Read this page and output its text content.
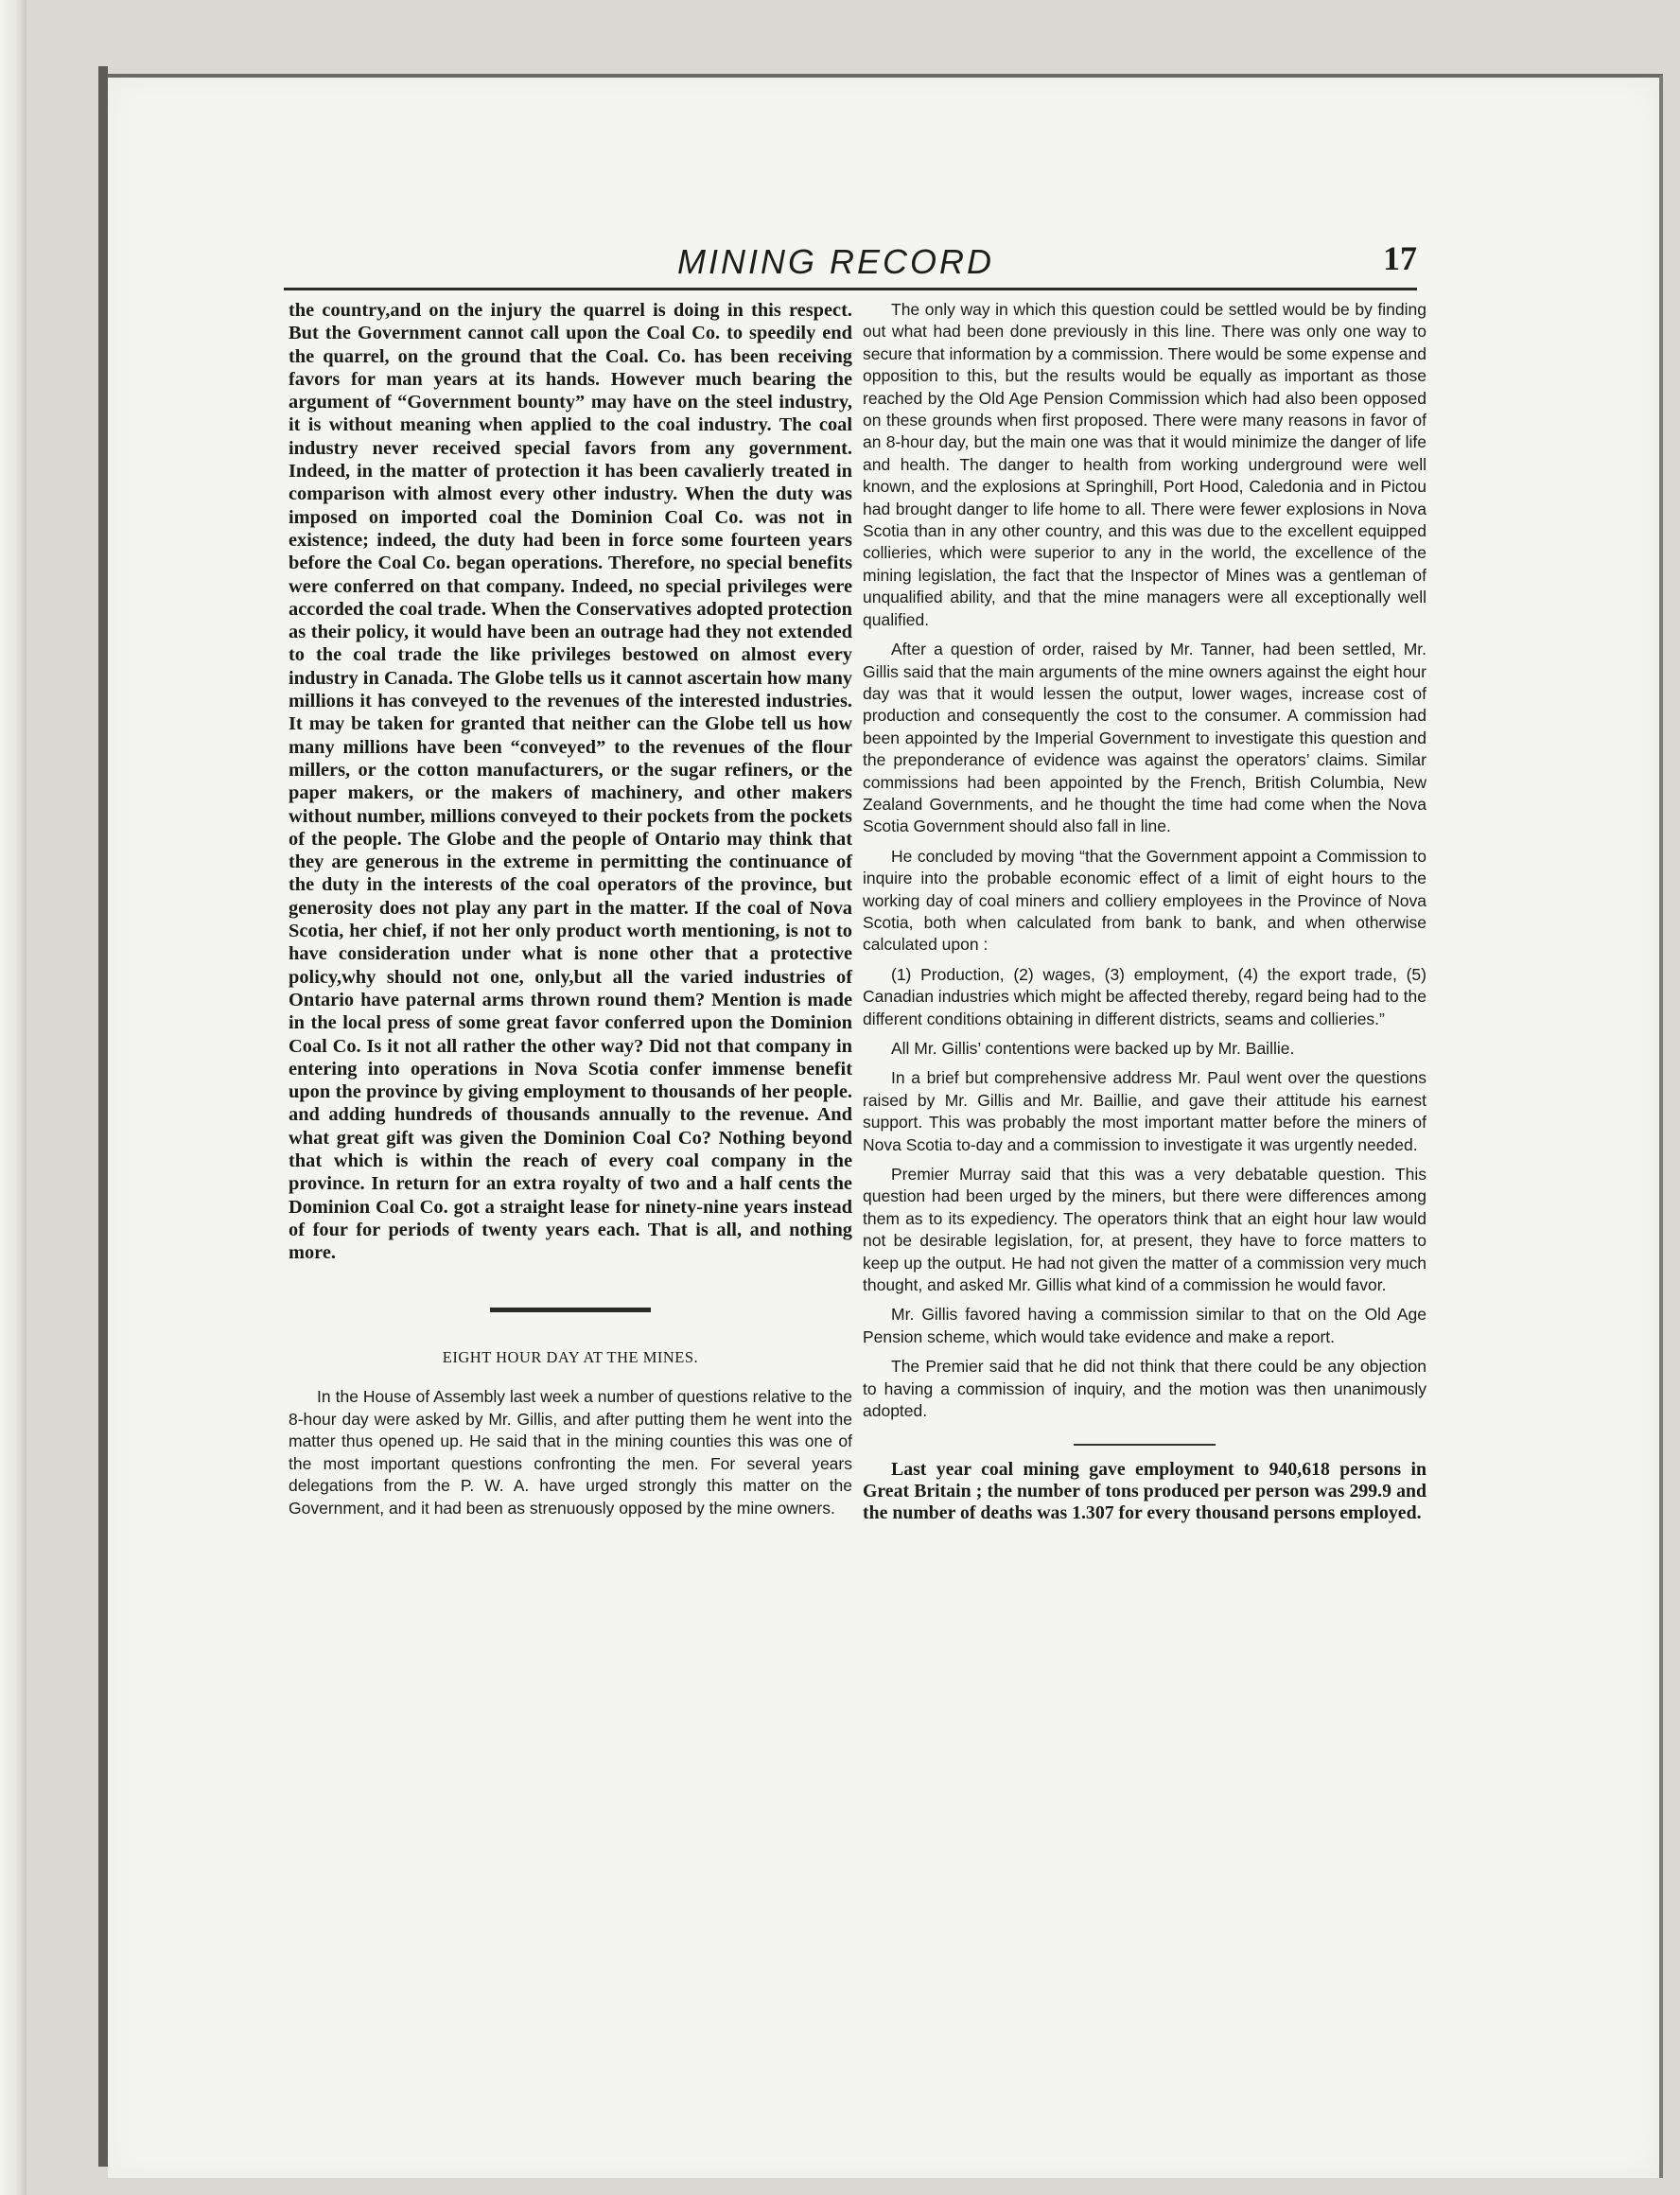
MINING RECORD	17

the country,and on the injury the quarrel is doing in this respect. But the Government cannot call upon the Coal Co. to speedily end the quarrel, on the ground that the Coal. Co. has been receiving favors for man years at its hands. However much bearing the argument of “Government bounty” may have on the steel industry, it is without meaning when applied to the coal industry. The coal industry never received special favors from any government. Indeed, in the matter of protection it has been cavalierly treated in comparison with almost every other industry. When the duty was imposed on imported coal the Dominion Coal Co. was not in existence; indeed, the duty had been in force some fourteen years before the Coal Co. began operations. Therefore, no special benefits were conferred on that company. Indeed, no special privileges were accorded the coal trade. When the Conservatives adopted protection as their policy, it would have been an outrage had they not extended to the coal trade the like privileges bestowed on almost every industry in Canada. The Globe tells us it cannot ascertain how many millions it has conveyed to the revenues of the interested industries. It may be taken for granted that neither can the Globe tell us how many millions have been “conveyed” to the revenues of the flour millers, or the cotton manufacturers, or the sugar refiners, or the paper makers, or the makers of machinery, and other makers without number, millions conveyed to their pockets from the pockets of the people. The Globe and the people of Ontario may think that they are generous in the extreme in permitting the continuance of the duty in the interests of the coal operators of the province, but generosity does not play any part in the matter. If the coal of Nova Scotia, her chief, if not her only product worth mentioning, is not to have consideration under what is none other that a protective policy,why should not one, only,but all the varied industries of Ontario have paternal arms thrown round them? Mention is made in the local press of some great favor conferred upon the Dominion Coal Co. Is it not all rather the other way? Did not that company in entering into operations in Nova Scotia confer immense benefit upon the province by giving employment to thousands of her people. and adding hundreds of thousands annually to the revenue. And what great gift was given the Dominion Coal Co? Nothing beyond that which is within the reach of every coal company in the province. In return for an extra royalty of two and a half cents the Dominion Coal Co. got a straight lease for ninety-nine years instead of four for periods of twenty years each. That is all, and nothing more.

EIGHT HOUR DAY AT THE MINES.

In the House of Assembly last week a number of questions relative to the 8-hour day were asked by Mr. Gillis, and after putting them he went into the matter thus opened up. He said that in the mining counties this was one of the most important questions confronting the men. For several years delegations from the P. W. A. have urged strongly this matter on the Government, and it had been as strenuously opposed by the mine owners.

The only way in which this question could be settled would be by finding out what had been done previously in this line. There was only one way to secure that information by a commission. There would be some expense and opposition to this, but the results would be equally as important as those reached by the Old Age Pension Commission which had also been opposed on these grounds when first proposed. There were many reasons in favor of an 8-hour day, but the main one was that it would minimize the danger of life and health. The danger to health from working underground were well known, and the explosions at Springhill, Port Hood, Caledonia and in Pictou had brought danger to life home to all. There were fewer explosions in Nova Scotia than in any other country, and this was due to the excellent equipped collieries, which were superior to any in the world, the excellence of the mining legislation, the fact that the Inspector of Mines was a gentleman of unqualified ability, and that the mine managers were all exceptionally well qualified.

After a question of order, raised by Mr. Tanner, had been settled, Mr. Gillis said that the main arguments of the mine owners against the eight hour day was that it would lessen the output, lower wages, increase cost of production and consequently the cost to the consumer. A commission had been appointed by the Imperial Government to investigate this question and the preponderance of evidence was against the operators’ claims. Similar commissions had been appointed by the French, British Columbia, New Zealand Governments, and he thought the time had come when the Nova Scotia Government should also fall in line.

He concluded by moving “that the Government appoint a Commission to inquire into the probable economic effect of a limit of eight hours to the working day of coal miners and colliery employees in the Province of Nova Scotia, both when calculated from bank to bank, and when otherwise calculated upon :

(1) Production, (2) wages, (3) employment, (4) the export trade, (5) Canadian industries which might be affected thereby, regard being had to the different conditions obtaining in different districts, seams and collieries.”

All Mr. Gillis’ contentions were backed up by Mr. Baillie.

In a brief but comprehensive address Mr. Paul went over the questions raised by Mr. Gillis and Mr. Baillie, and gave their attitude his earnest support. This was probably the most important matter before the miners of Nova Scotia to-day and a commission to investigate it was urgently needed.

Premier Murray said that this was a very debatable question. This question had been urged by the miners, but there were differences among them as to its expediency. The operators think that an eight hour law would not be desirable legislation, for, at present, they have to force matters to keep up the output. He had not given the matter of a commission very much thought, and asked Mr. Gillis what kind of a commission he would favor.

Mr. Gillis favored having a commission similar to that on the Old Age Pension scheme, which would take evidence and make a report.

The Premier said that he did not think that there could be any objection to having a commission of inquiry, and the motion was then unanimously adopted.

Last year coal mining gave employment to 940,618 persons in Great Britain ; the number of tons produced per person was 299.9 and the number of deaths was 1.307 for every thousand persons employed.
